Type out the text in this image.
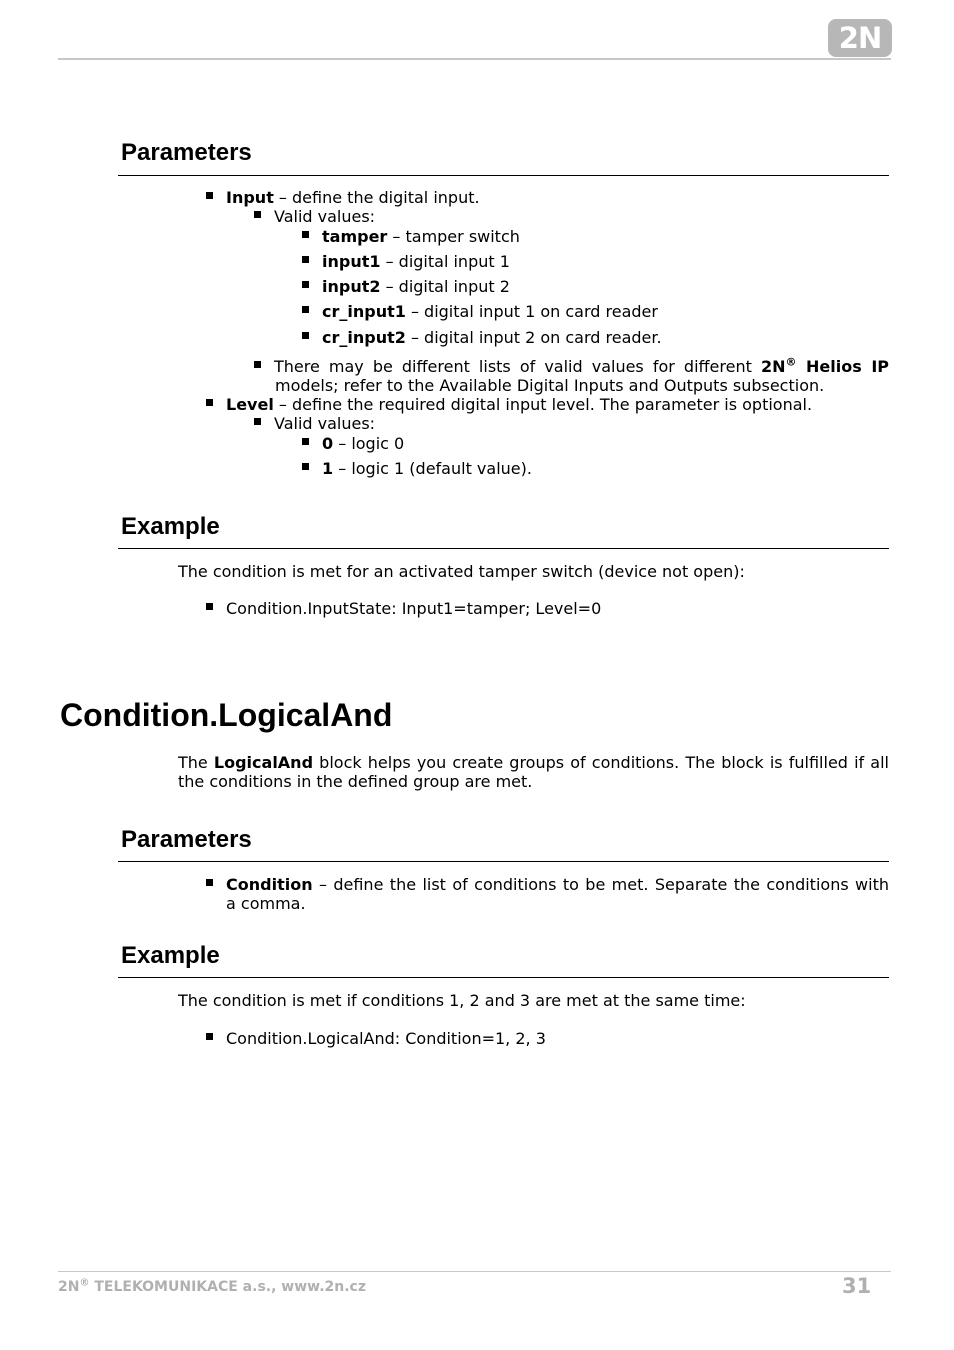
2N
Parameters
Input – define the digital input.
Valid values:
tamper – tamper switch
input1 – digital input 1
input2 – digital input 2
cr_input1 – digital input 1 on card reader
cr_input2 – digital input 2 on card reader.
There may be different lists of valid values for different 2N® Helios IP
models; refer to the Available Digital Inputs and Outputs subsection.
Level – define the required digital input level. The parameter is optional.
Valid values:
0 – logic 0
1 – logic 1 (default value).
Example
The condition is met for an activated tamper switch (device not open):
Condition.InputState: Input1=tamper; Level=0
Condition.LogicalAnd
The LogicalAnd block helps you create groups of conditions. The block is fulfilled if all
the conditions in the defined group are met.
Parameters
Condition – define the list of conditions to be met. Separate the conditions with
a comma.
Example
The condition is met if conditions 1, 2 and 3 are met at the same time:
Condition.LogicalAnd: Condition=1, 2, 3
2N® TELEKOMUNIKACE a.s., www.2n.cz	31
